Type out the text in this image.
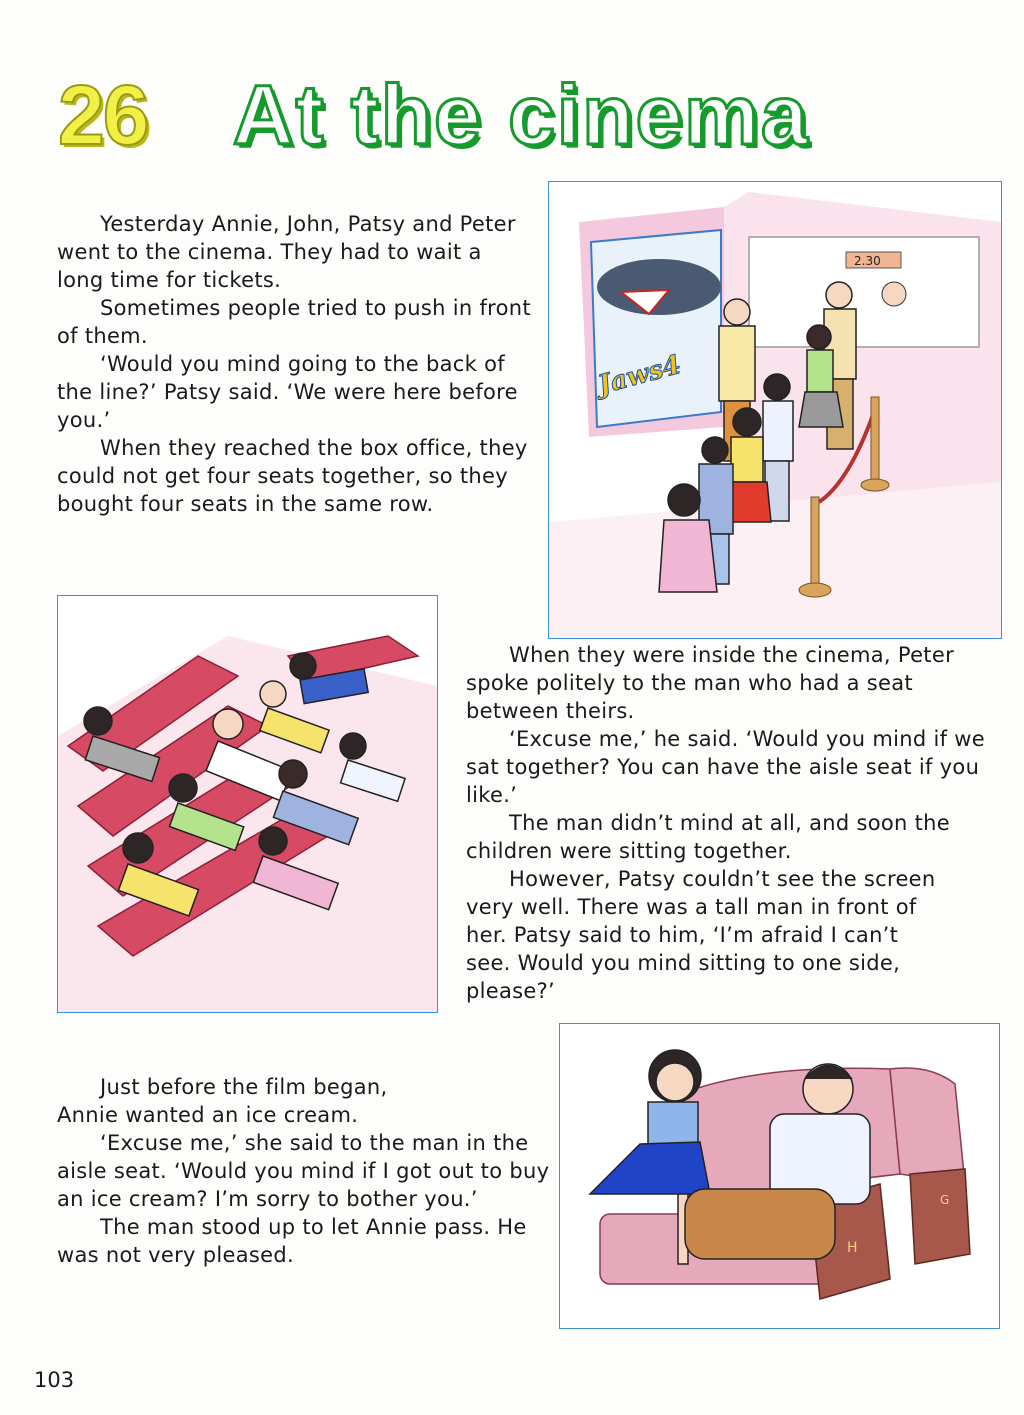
26 At the cinema

Yesterday Annie, John, Patsy and Peter went to the cinema. They had to wait a long time for tickets.

Sometimes people tried to push in front of them.

‘Would you mind going to the back of the line?’ Patsy said. ‘We were here before you.’

When they reached the box office, they could not get four seats together, so they bought four seats in the same row.

Jaws4
2.30

When they were inside the cinema, Peter spoke politely to the man who had a seat between theirs.

‘Excuse me,’ he said. ‘Would you mind if we sat together? You can have the aisle seat if you like.’

The man didn’t mind at all, and soon the children were sitting together.

However, Patsy couldn’t see the screen very well. There was a tall man in front of her. Patsy said to him, ‘I’m afraid I can’t see. Would you mind sitting to one side, please?’

Just before the film began, Annie wanted an ice cream.

‘Excuse me,’ she said to the man in the aisle seat. ‘Would you mind if I got out to buy an ice cream? I’m sorry to bother you.’

The man stood up to let Annie pass. He was not very pleased.	H
G
103
